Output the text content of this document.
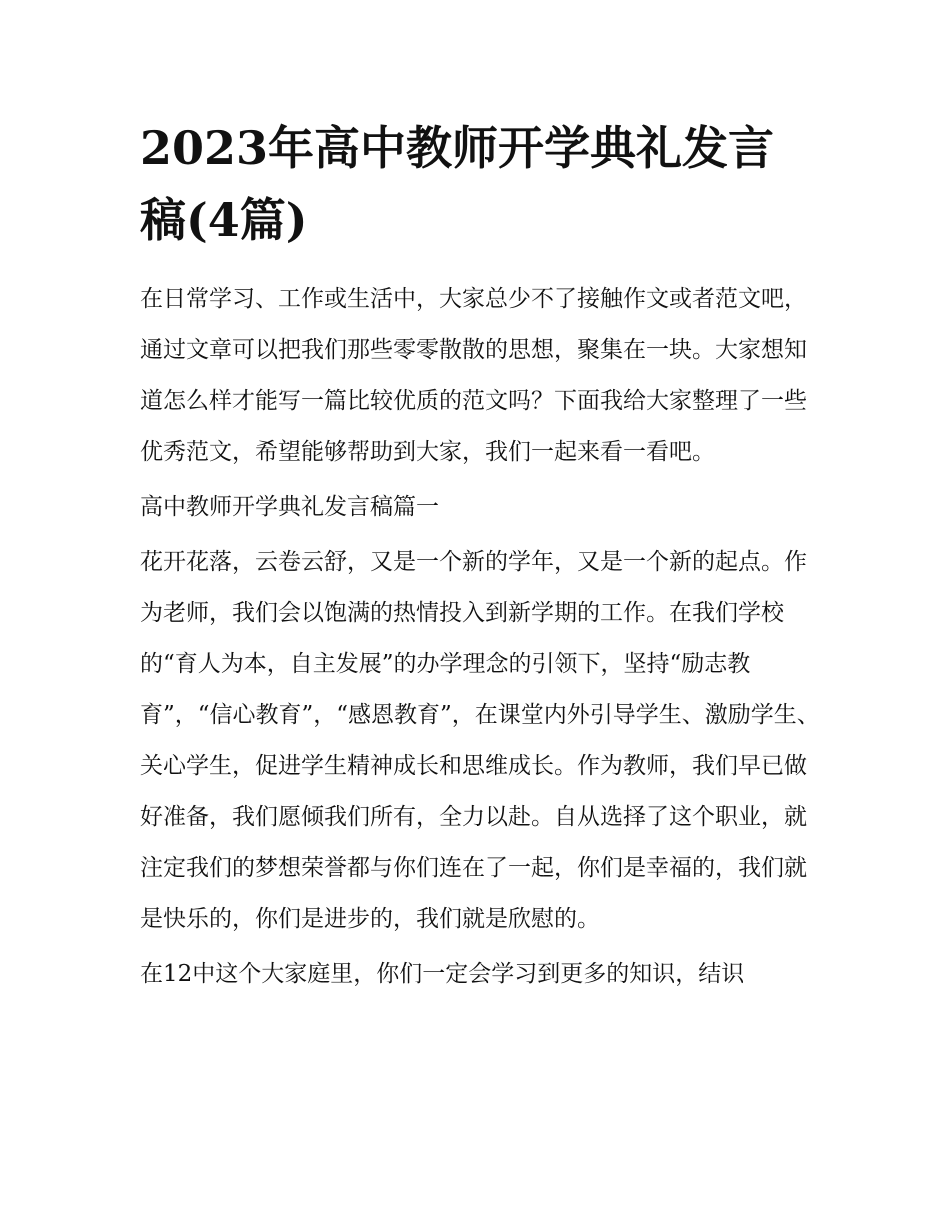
2023年高中教师开学典礼发言稿(4篇)

在日常学习、工作或生活中，大家总少不了接触作文或者范文吧，通过文章可以把我们那些零零散散的思想，聚集在一块。大家想知道怎么样才能写一篇比较优质的范文吗？下面我给大家整理了一些优秀范文，希望能够帮助到大家，我们一起来看一看吧。

高中教师开学典礼发言稿篇一

花开花落，云卷云舒，又是一个新的学年，又是一个新的起点。作为老师，我们会以饱满的热情投入到新学期的工作。在我们学校的“育人为本，自主发展”的办学理念的引领下，坚持“励志教育”，“信心教育”，“感恩教育”，在课堂内外引导学生、激励学生、关心学生，促进学生精神成长和思维成长。作为教师，我们早已做好准备，我们愿倾我们所有，全力以赴。自从选择了这个职业，就注定我们的梦想荣誉都与你们连在了一起，你们是幸福的，我们就是快乐的，你们是进步的，我们就是欣慰的。

在12中这个大家庭里，你们一定会学习到更多的知识，结识
